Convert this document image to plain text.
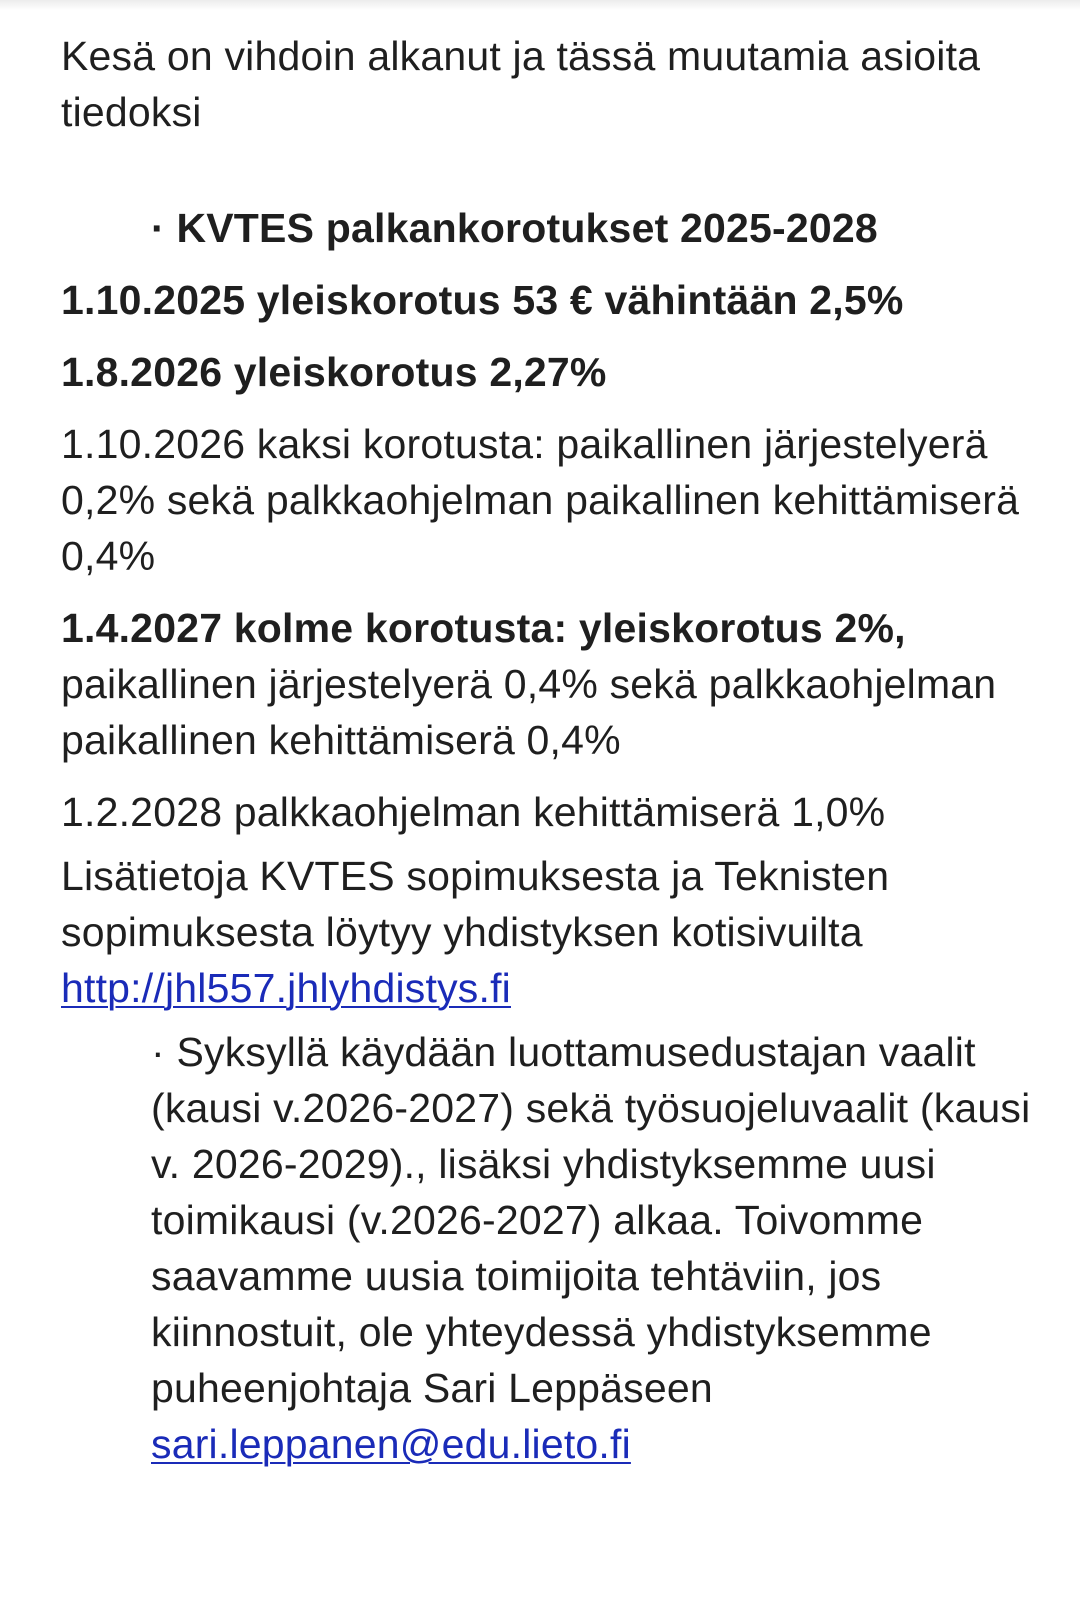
Kesä on vihdoin alkanut ja tässä muutamia asioita tiedoksi

· KVTES palkankorotukset 2025-2028

1.10.2025 yleiskorotus 53 € vähintään 2,5%

1.8.2026 yleiskorotus 2,27%

1.10.2026 kaksi korotusta: paikallinen järjestelyerä 0,2% sekä palkkaohjelman paikallinen kehittämiserä 0,4%

1.4.2027 kolme korotusta: yleiskorotus 2%,
paikallinen järjestelyerä 0,4% sekä palkkaohjelman paikallinen kehittämiserä 0,4%

1.2.2028 palkkaohjelman kehittämiserä 1,0%

Lisätietoja KVTES sopimuksesta ja Teknisten sopimuksesta löytyy yhdistyksen kotisivuilta
http://jhl557.jhlyhdistys.fi

· Syksyllä käydään luottamusedustajan vaalit (kausi v.2026-2027) sekä työsuojeluvaalit (kausi v. 2026-2029)., lisäksi yhdistyksemme uusi toimikausi (v.2026-2027) alkaa. Toivomme saavamme uusia toimijoita tehtäviin, jos kiinnostuit, ole yhteydessä yhdistyksemme puheenjohtaja Sari Leppäseen sari.leppanen@edu.lieto.fi
